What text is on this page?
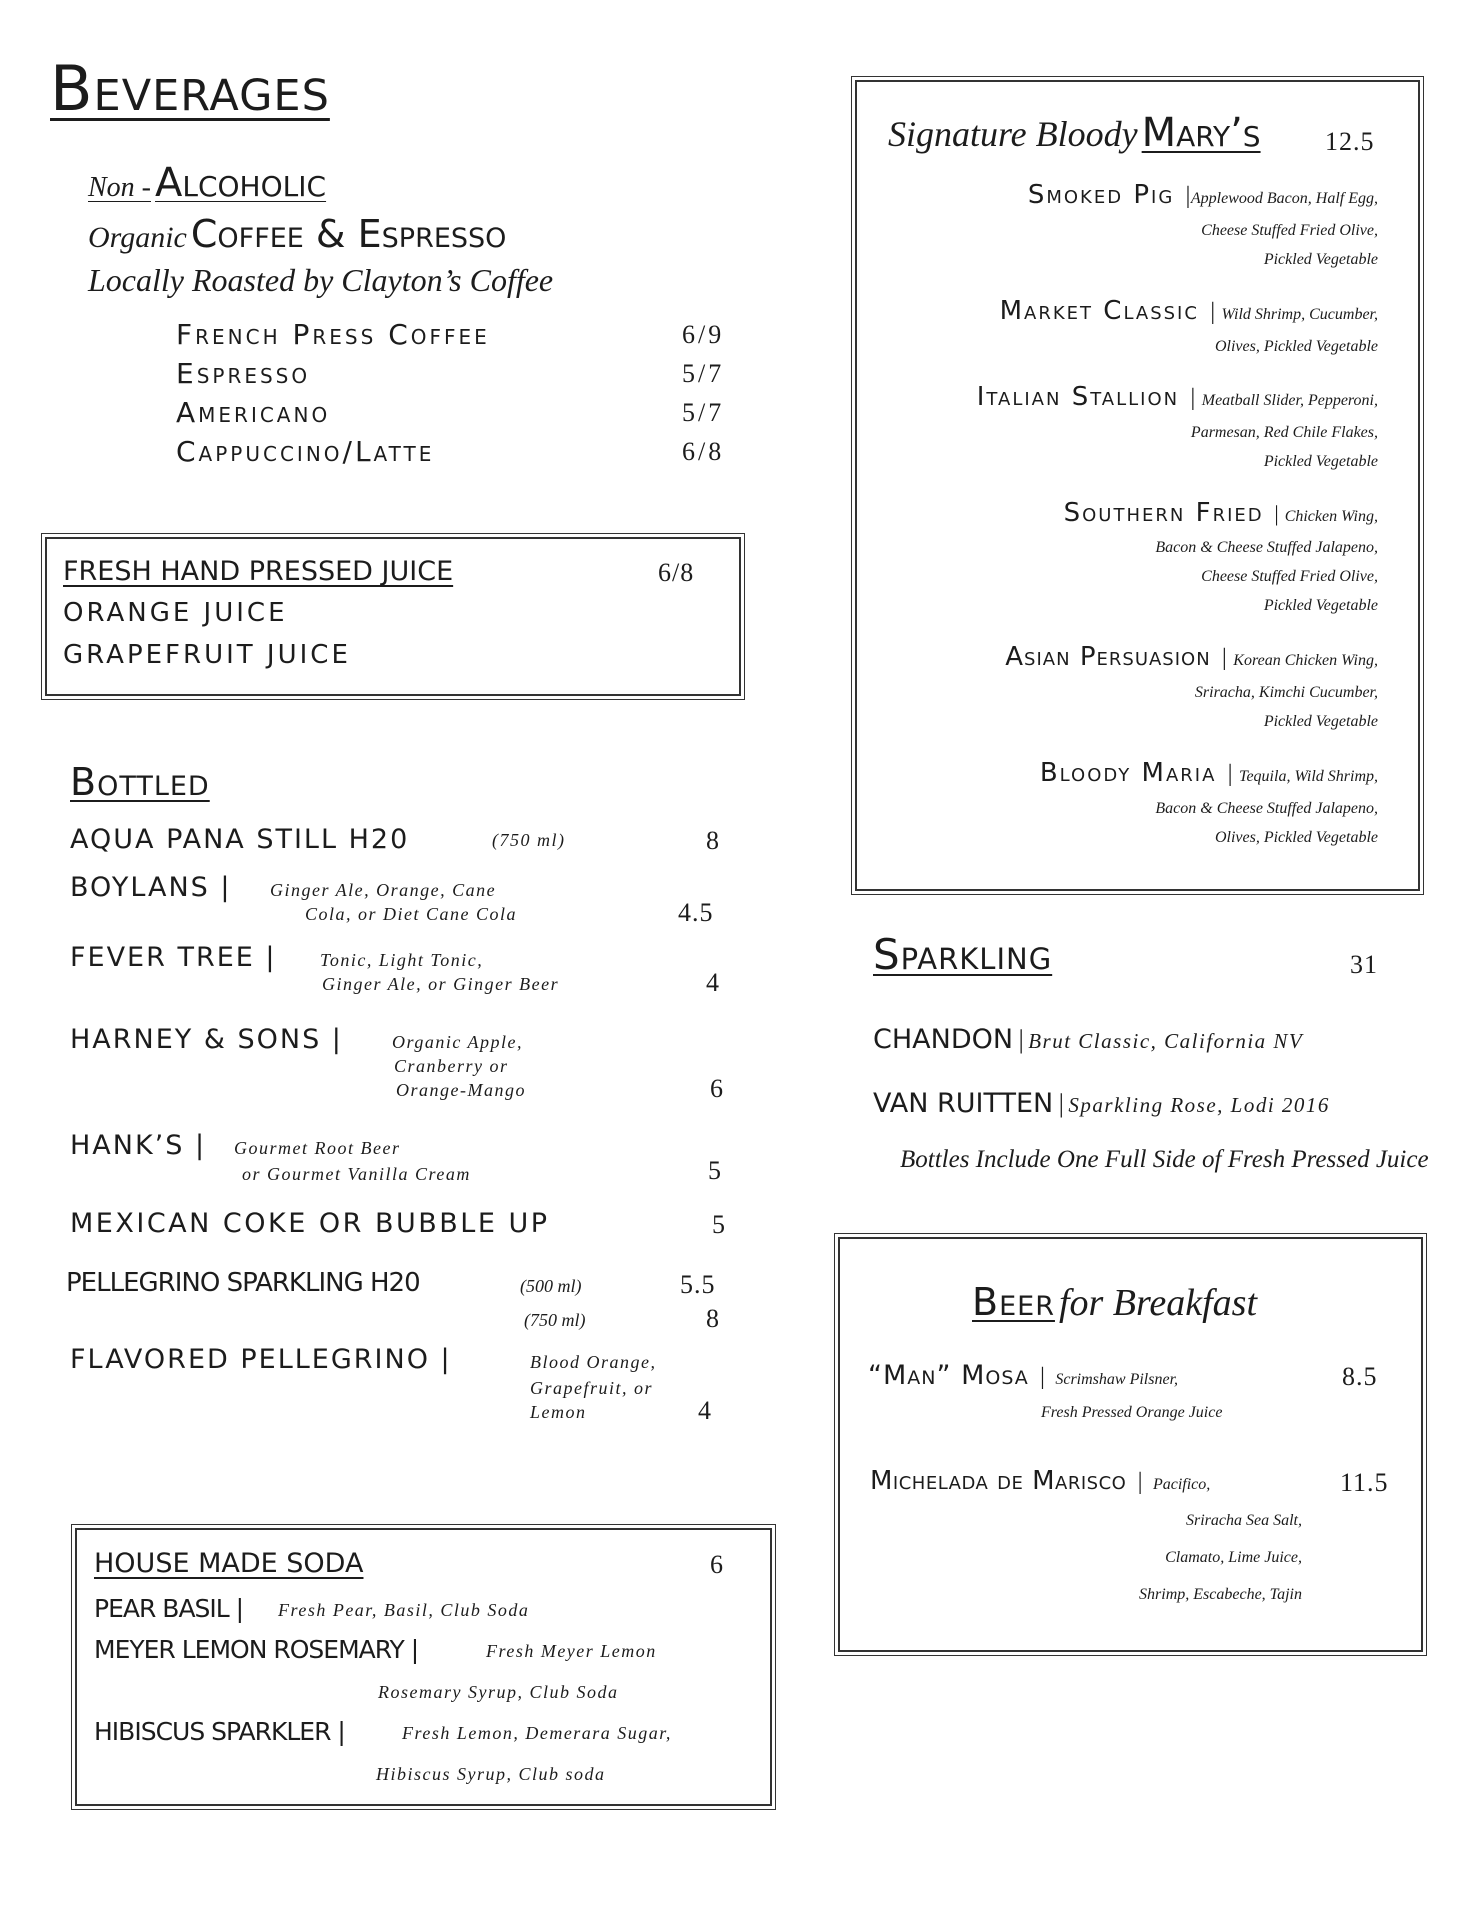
Beverages
Non - Alcoholic
Organic Coffee & Espresso
Locally Roasted by Clayton’s Coffee
French Press Coffee	6/9
Espresso	5/7
Americano	5/7
Cappuccino/Latte	6/8
FRESH HAND PRESSED JUICE	6/8
ORANGE JUICE
GRAPEFRUIT JUICE
Bottled
AQUA PANA STILL H20	(750 ml)	8
BOYLANS | Ginger Ale, Orange, Cane
Cola, or Diet Cane Cola	4.5
FEVER TREE | Tonic, Light Tonic,
Ginger Ale, or Ginger Beer	4
HARNEY & SONS |	Organic Apple,
Cranberry or
Orange-Mango	6
HANK’S | Gourmet Root Beer
or Gourmet Vanilla Cream	5
MEXICAN COKE OR BUBBLE UP	5
PELLEGRINO SPARKLING H20	(500 ml)	5.5
(750 ml)	8
FLAVORED PELLEGRINO |	Blood Orange,
Grapefruit, or
Lemon	4
HOUSE MADE SODA	6
PEAR BASIL | Fresh Pear, Basil, Club Soda
MEYER LEMON ROSEMARY |	Fresh Meyer Lemon
Rosemary Syrup, Club Soda
HIBISCUS SPARKLER |	Fresh Lemon, Demerara Sugar,
Hibiscus Syrup, Club soda
Signature Bloody Mary’s 12.5
Smoked Pig  |Applewood Bacon, Half Egg,
Cheese Stuffed Fried Olive,
Pickled Vegetable
Market Classic  | Wild Shrimp, Cucumber,
Olives, Pickled Vegetable
Italian Stallion  | Meatball Slider, Pepperoni,
Parmesan, Red Chile Flakes,
Pickled Vegetable
Southern Fried  | Chicken Wing,
Bacon & Cheese Stuffed Jalapeno,
Cheese Stuffed Fried Olive,
Pickled Vegetable
Asian Persuasion  | Korean Chicken Wing,
Sriracha, Kimchi Cucumber,
Pickled Vegetable
Bloody Maria  | Tequila, Wild Shrimp,
Bacon & Cheese Stuffed Jalapeno,
Olives, Pickled Vegetable
Sparkling	31
CHANDON | Brut Classic, California NV
VAN RUITTEN | Sparkling Rose, Lodi 2016
Bottles Include One Full Side of Fresh Pressed Juice
Beer for Breakfast
“Man” Mosa  |  Scrimshaw Pilsner,	8.5
Fresh Pressed Orange Juice
Michelada de Marisco  |  Pacifico,	11.5
Sriracha Sea Salt,
Clamato, Lime Juice,
Shrimp, Escabeche, Tajin
